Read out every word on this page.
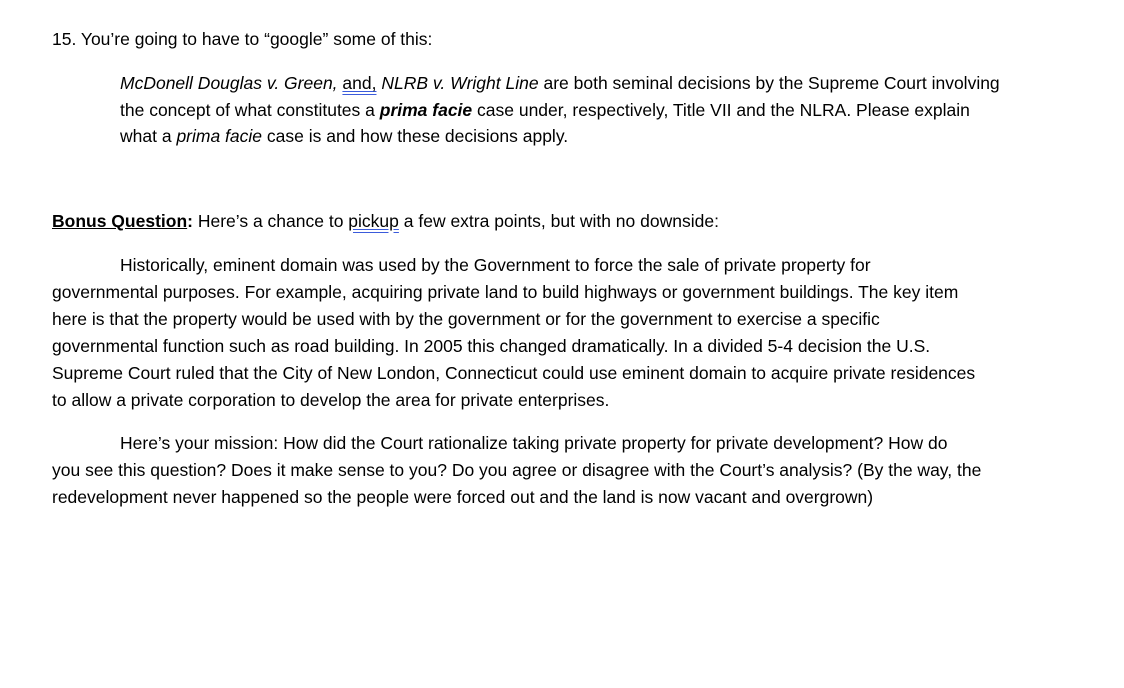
15. You’re going to have to “google” some of this:
McDonell Douglas v. Green, and, NLRB v. Wright Line are both seminal decisions by the Supreme Court involving
the concept of what constitutes a prima facie case under, respectively, Title VII and the NLRA. Please explain
what a prima facie case is and how these decisions apply.
Bonus Question: Here’s a chance to pickup a few extra points, but with no downside:
Historically, eminent domain was used by the Government to force the sale of private property for
governmental purposes. For example, acquiring private land to build highways or government buildings. The key item
here is that the property would be used with by the government or for the government to exercise a specific
governmental function such as road building. In 2005 this changed dramatically. In a divided 5-4 decision the U.S.
Supreme Court ruled that the City of New London, Connecticut could use eminent domain to acquire private residences
to allow a private corporation to develop the area for private enterprises.
Here’s your mission: How did the Court rationalize taking private property for private development? How do
you see this question? Does it make sense to you? Do you agree or disagree with the Court’s analysis? (By the way, the
redevelopment never happened so the people were forced out and the land is now vacant and overgrown)
